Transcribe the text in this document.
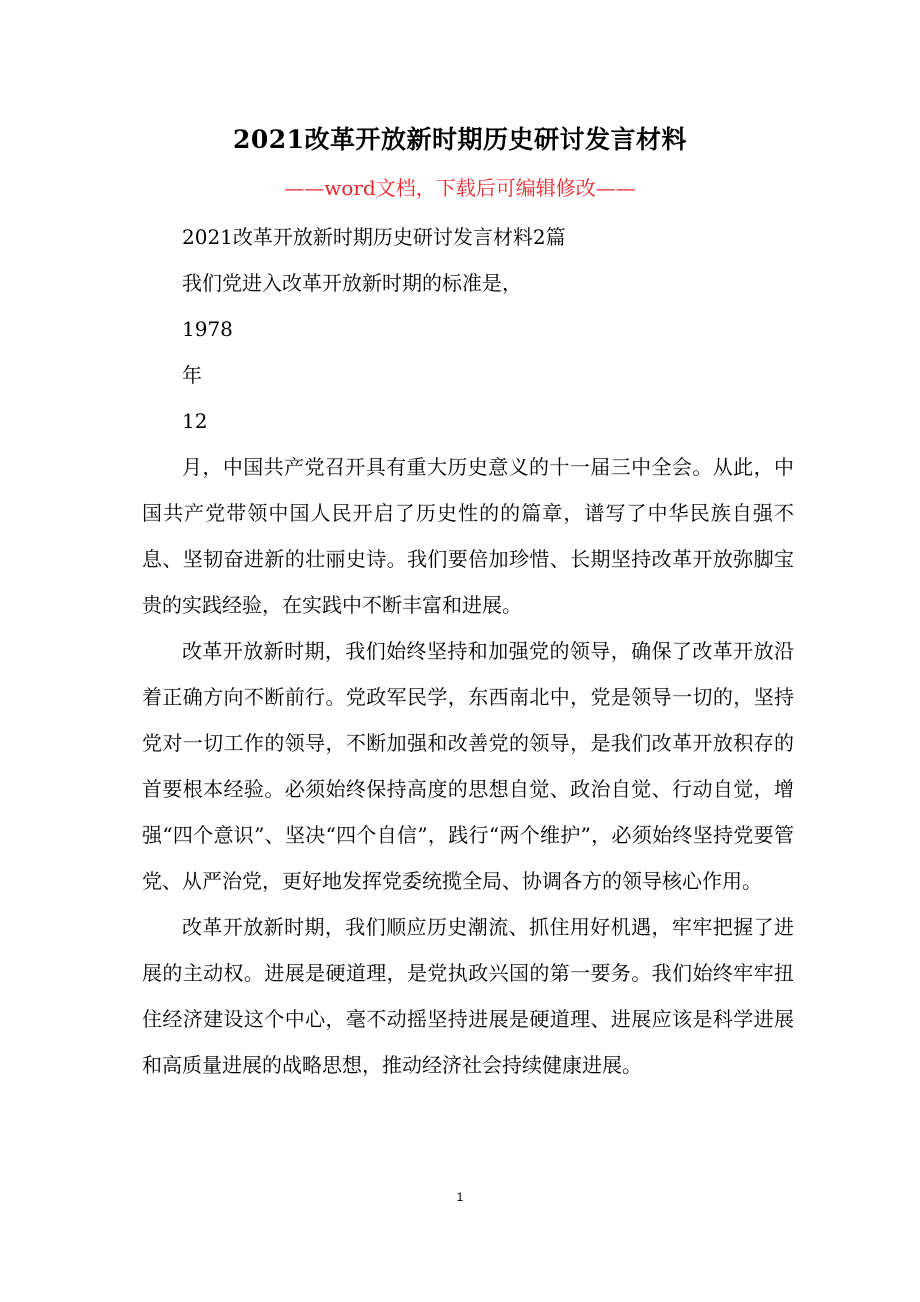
2021改革开放新时期历史研讨发言材料
——word文档，下载后可编辑修改——

2021改革开放新时期历史研讨发言材料2篇

我们党进入改革开放新时期的标准是，

1978

年

12

月，中国共产党召开具有重大历史意义的十一届三中全会。从此，中国共产党带领中国人民开启了历史性的的篇章，谱写了中华民族自强不息、坚韧奋进新的壮丽史诗。我们要倍加珍惜、长期坚持改革开放弥脚宝贵的实践经验，在实践中不断丰富和进展。

改革开放新时期，我们始终坚持和加强党的领导，确保了改革开放沿着正确方向不断前行。党政军民学，东西南北中，党是领导一切的，坚持党对一切工作的领导，不断加强和改善党的领导，是我们改革开放积存的首要根本经验。必须始终保持高度的思想自觉、政治自觉、行动自觉，增强“四个意识”、坚决“四个自信”，践行“两个维护”，必须始终坚持党要管党、从严治党，更好地发挥党委统揽全局、协调各方的领导核心作用。

改革开放新时期，我们顺应历史潮流、抓住用好机遇，牢牢把握了进展的主动权。进展是硬道理，是党执政兴国的第一要务。我们始终牢牢扭住经济建设这个中心，毫不动摇坚持进展是硬道理、进展应该是科学进展和高质量进展的战略思想，推动经济社会持续健康进展。

1
